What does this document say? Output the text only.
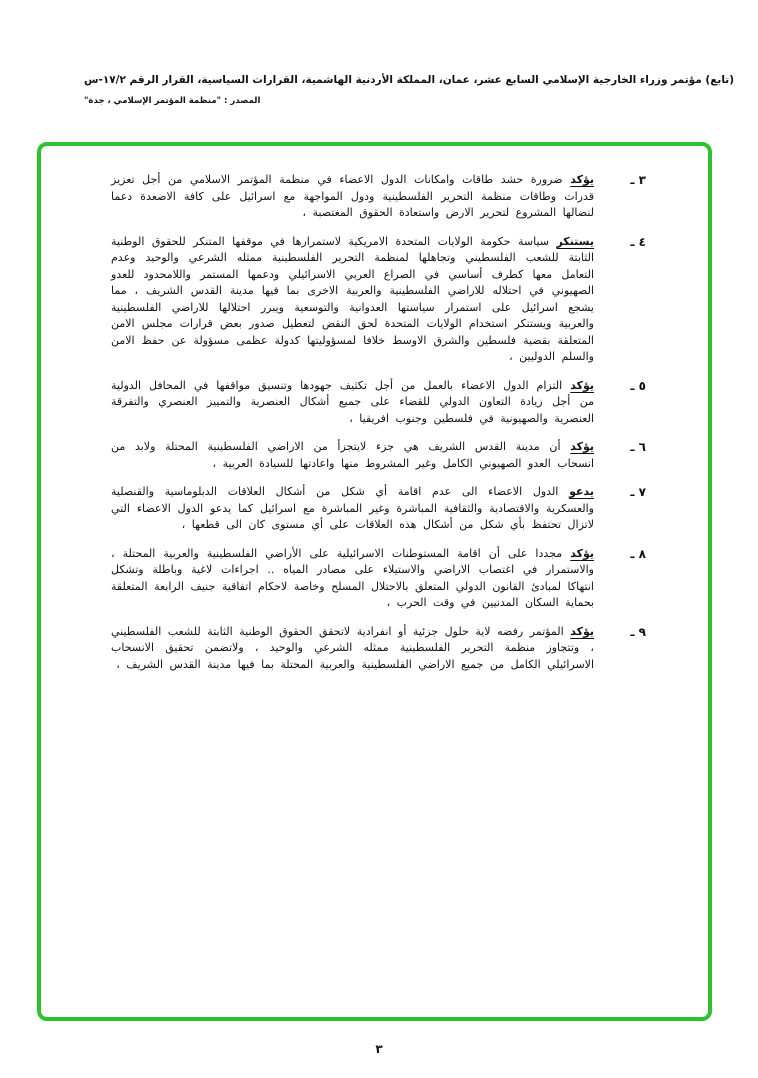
(تابع) مؤتمر وزراء الخارجية الإسلامي السابع عشر، عمان، المملكة الأردنية الهاشمية، القرارات السياسية، القرار الرقم ١٧/٢-س
المصدر : "منظمة المؤتمر الإسلامي ، جدة"
٣ ـ

يؤكد ضرورة حشد طاقات وامكانات الدول الاعضاء في منظمة المؤتمر الاسلامي من أجل تعزيز قدرات وطاقات منظمة التحرير الفلسطينية ودول المواجهة مع اسرائيل على كافة الاصعدة دعما لنضالها المشروع لتحرير الارض واستعادة الحقوق المغتصبة ،

٤ ـ

يستنكر سياسة حكومة الولايات المتحدة الامريكية لاستمرارها في موقفها المتنكر للحقوق الوطنية الثابتة للشعب الفلسطيني وتجاهلها لمنظمة التحرير الفلسطينية ممثله الشرعي والوحيد وعدم التعامل معها كطرف أساسي في الصراع العربي الاسرائيلي ودعمها المستمر واللامحدود للعدو الصهيوني في احتلاله للاراضي الفلسطينية والعربية الاخرى بما فيها مدينة القدس الشريف ، مما يشجع اسرائيل على استمرار سياستها العدوانية والتوسعية ويبرر احتلالها للاراضي الفلسطينية والعربية ويستنكر استخدام الولايات المتحدة لحق النقض لتعطيل صدور بعض قرارات مجلس الامن المتعلقة بقضية فلسطين والشرق الاوسط خلافا لمسؤوليتها كدولة عظمى مسؤولة عن حفظ الامن والسلم الدوليين ،

٥ ـ

يؤكد التزام الدول الاعضاء بالعمل من أجل تكثيف جهودها وتنسيق مواقفها في المحافل الدولية من أجل زيادة التعاون الدولي للقضاء على جميع أشكال العنصرية والتمييز العنصري والتفرقة العنصرية والصهيونية في فلسطين وجنوب افريقيا ،

٦ ـ

يؤكد أن مدينة القدس الشريف هي جزء لايتجزأ من الاراضي الفلسطينية المحتلة ولابد من انسحاب العدو الصهيوني الكامل وغير المشروط منها واعادتها للسيادة العربية ،

٧ ـ

يدعو الدول الاعضاء الى عدم اقامة أي شكل من أشكال العلاقات الدبلوماسية والقنصلية والعسكرية والاقتصادية والثقافية المباشرة وغير المباشرة مع اسرائيل كما يدعو الدول الاعضاء التي لاتزال تحتفظ بأي شكل من أشكال هذه العلاقات على أي مستوى كان الى قطعها ،

٨ ـ

يؤكد مجددا على أن اقامة المستوطنات الاسرائيلية على الأراضي الفلسطينية والعربية المحتلة ، والاستمرار في اغتصاب الاراضي والاستيلاء على مصادر المياه .. اجراءات لاغية وباطلة وتشكل انتهاكا لمبادئ القانون الدولي المتعلق بالاحتلال المسلح وخاصة لاحكام اتفاقية جنيف الرابعة المتعلقة بحماية السكان المدنيين في وقت الحرب ،

٩ ـ

يؤكد المؤتمر رفضه لاية حلول جزئية أو انفرادية لاتحقق الحقوق الوطنية الثابتة للشعب الفلسطيني ، وتتجاوز منظمة التحرير الفلسطينية ممثله الشرعي والوحيد ، ولاتضمن تحقيق الانسحاب الاسرائيلي الكامل من جميع الاراضي الفلسطينية والعربية المحتلة بما فيها مدينة القدس الشريف ،

٣
